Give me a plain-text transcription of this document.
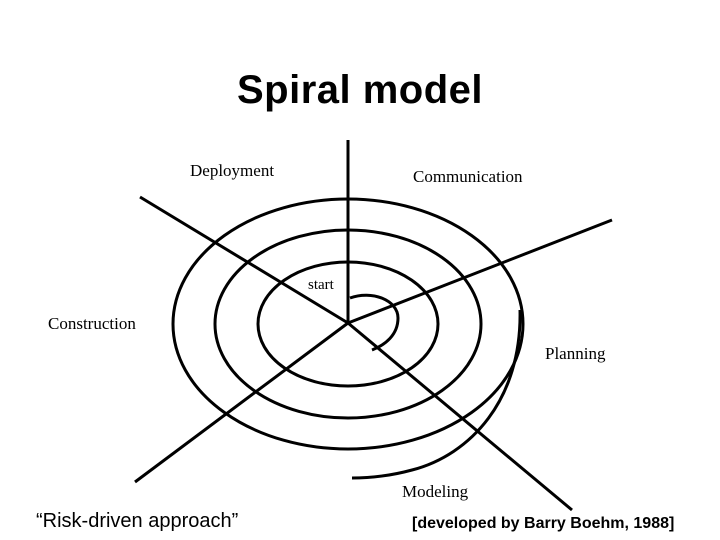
Spiral model
Deployment	Communication
Construction
Planning
Modeling
start
“Risk-driven approach”	[developed by Barry Boehm, 1988]
